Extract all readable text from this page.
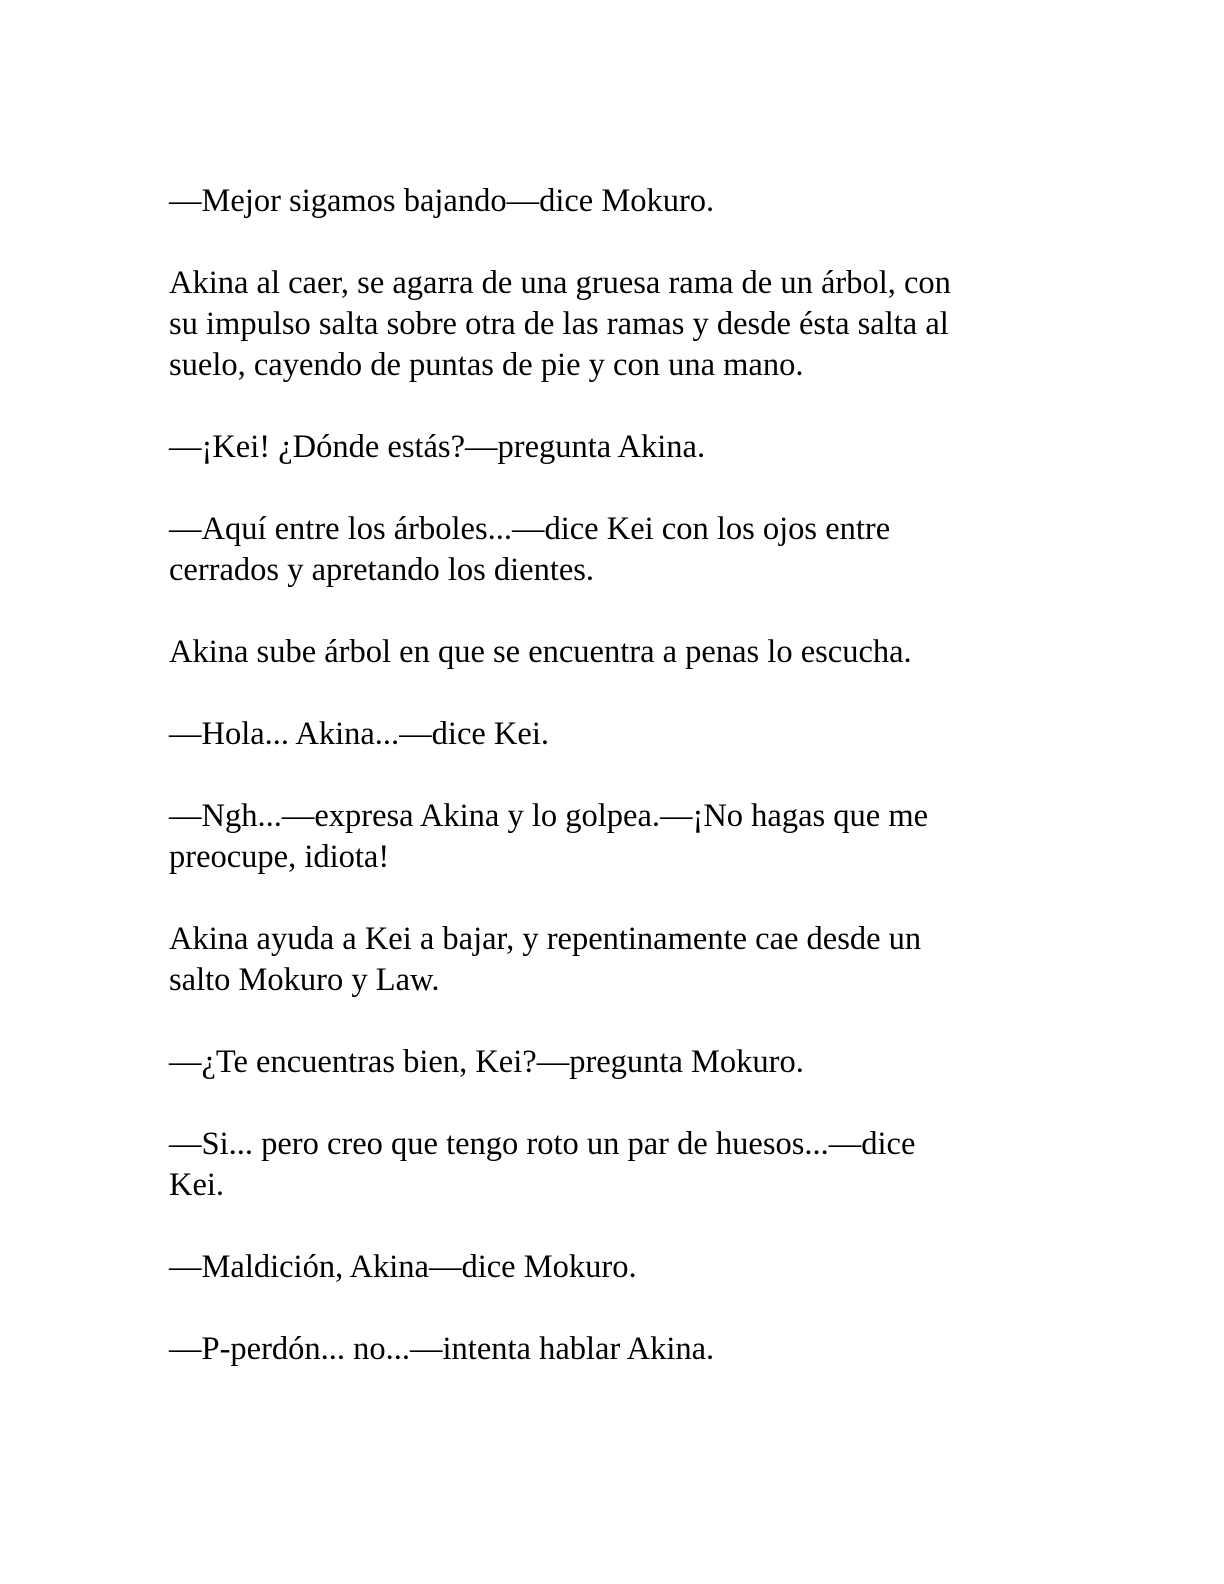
—Mejor sigamos bajando—dice Mokuro.

Akina al caer, se agarra de una gruesa rama de un árbol, con
su impulso salta sobre otra de las ramas y desde ésta salta al
suelo, cayendo de puntas de pie y con una mano.

—¡Kei! ¿Dónde estás?—pregunta Akina.

—Aquí entre los árboles...—dice Kei con los ojos entre
cerrados y apretando los dientes.

Akina sube árbol en que se encuentra a penas lo escucha.

—Hola... Akina...—dice Kei.

—Ngh...—expresa Akina y lo golpea.—¡No hagas que me
preocupe, idiota!

Akina ayuda a Kei a bajar, y repentinamente cae desde un
salto Mokuro y Law.

—¿Te encuentras bien, Kei?—pregunta Mokuro.

—Si... pero creo que tengo roto un par de huesos...—dice
Kei.

—Maldición, Akina—dice Mokuro.

—P-perdón... no...—intenta hablar Akina.
